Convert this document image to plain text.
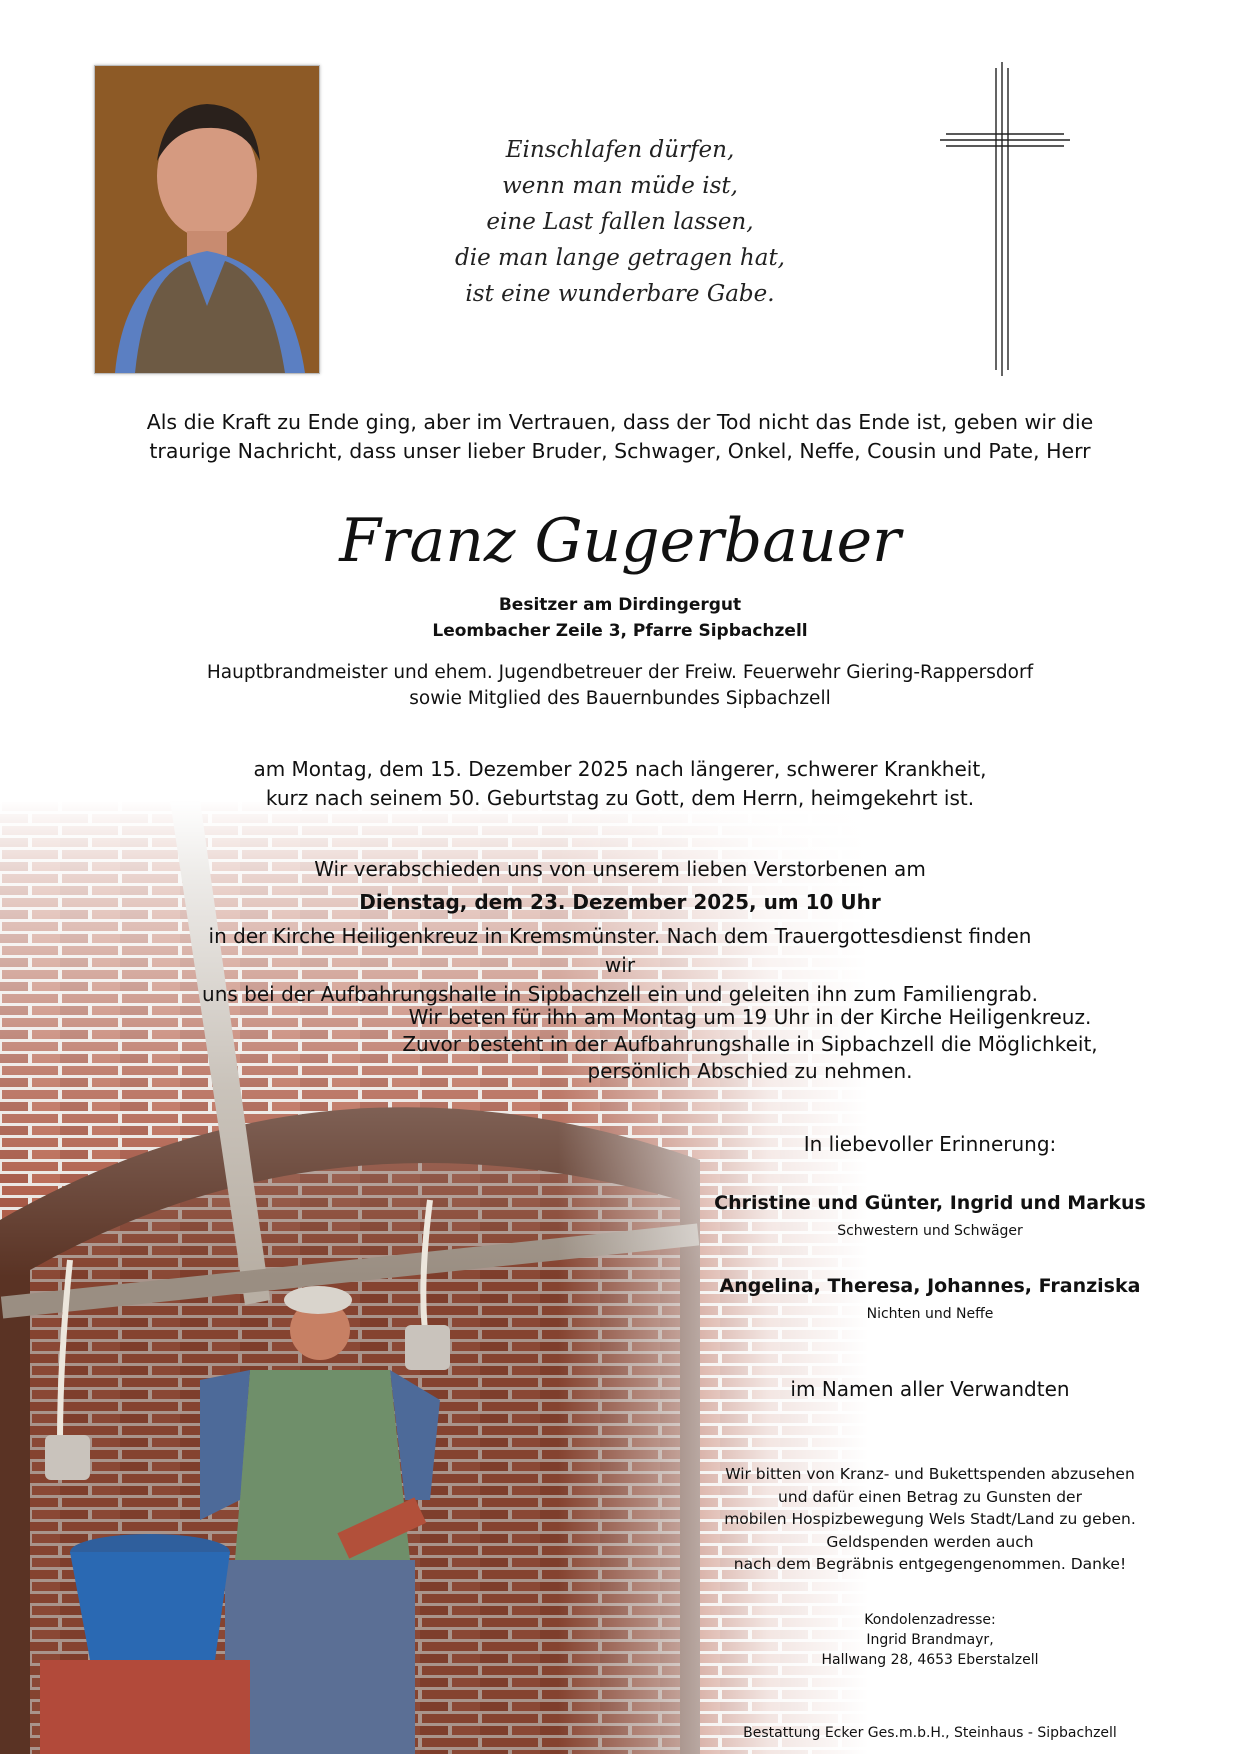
Einschlafen dürfen,
wenn man müde ist,
eine Last fallen lassen,
die man lange getragen hat,
ist eine wunderbare Gabe.
Als die Kraft zu Ende ging, aber im Vertrauen, dass der Tod nicht das Ende ist, geben wir die
traurige Nachricht, dass unser lieber Bruder, Schwager, Onkel, Neffe, Cousin und Pate, Herr
Franz Gugerbauer
Besitzer am Dirdingergut
Leombacher Zeile 3, Pfarre Sipbachzell
Hauptbrandmeister und ehem. Jugendbetreuer der Freiw. Feuerwehr Giering-Rappersdorf
sowie Mitglied des Bauernbundes Sipbachzell
am Montag, dem 15. Dezember 2025 nach längerer, schwerer Krankheit,
kurz nach seinem 50. Geburtstag zu Gott, dem Herrn, heimgekehrt ist.
Wir verabschieden uns von unserem lieben Verstorbenen am
Dienstag, dem 23. Dezember 2025, um 10 Uhr
in der Kirche Heiligenkreuz in Kremsmünster. Nach dem Trauergottesdienst finden wir
uns bei der Aufbahrungshalle in Sipbachzell ein und geleiten ihn zum Familiengrab.
Wir beten für ihn am Montag um 19 Uhr in der Kirche Heiligenkreuz.
Zuvor besteht in der Aufbahrungshalle in Sipbachzell die Möglichkeit,
persönlich Abschied zu nehmen.
In liebevoller Erinnerung:
Christine und Günter, Ingrid und Markus
Schwestern und Schwäger
Angelina, Theresa, Johannes, Franziska
Nichten und Neffe
im Namen aller Verwandten
Wir bitten von Kranz- und Bukettspenden abzusehen
und dafür einen Betrag zu Gunsten der
mobilen Hospizbewegung Wels Stadt/Land zu geben.
Geldspenden werden auch
nach dem Begräbnis entgegengenommen. Danke!
Kondolenzadresse:
Ingrid Brandmayr,
Hallwang 28, 4653 Eberstalzell
Bestattung Ecker Ges.m.b.H., Steinhaus - Sipbachzell
